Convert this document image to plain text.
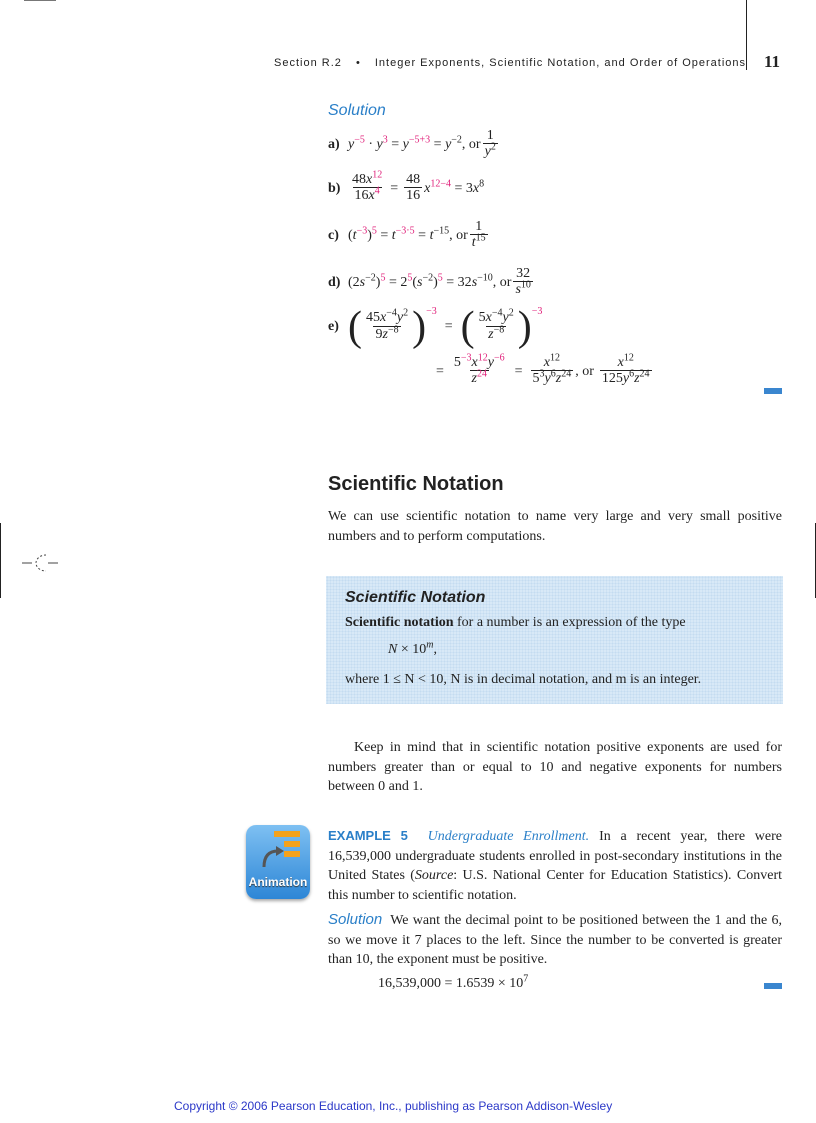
Section R.2 • Integer Exponents, Scientific Notation, and Order of Operations 11
Solution
a) $y^{-5} \cdot y^3 = y^{-5+3} = y^{-2}$, or $\frac{1}{y^2}$
$b) \frac{48x^{12}}{16x^4} = \frac{48}{16} x^{12-4} = 3x^8$
c) $(t^{-3})^5 = t^{-3\cdot 5} = t^{-15}$, or $\frac{1}{t^{15}}$
d) $(2s^{-2})^5 = 2^5(s^{-2})^5 = 32s^{-10}$, or $\frac{32}{s^{10}}$
e) ( $\frac{45x^{-4}y^2}{9z^{-8}}$ ) −3
= ( $\frac{5x^{-4}y^2}{z^{-8}}$ ) −3
= $\frac{5^{-3}x^{12}y^{-6}}{z^{24}} = \frac{x^{12}}{5^3y^6z^{24}}$ , or $\frac{x^{12}}{125y^6z^{24}}$
Scientific Notation
We can use scientific notation to name very large and very small positive numbers and to perform computations.
Scientific Notation
Scientific notation for a number is an expression of the type
$N \times 10^m$,
where 1 ≤ N < 10, N is in decimal notation, and m is an integer.
Keep in mind that in scientific notation positive exponents are used for numbers greater than or equal to 10 and negative exponents for numbers between 0 and 1.
Animation
EXAMPLE 5 Undergraduate Enrollment. In a recent year, there were 16,539,000 undergraduate students enrolled in post-secondary institutions in the United States (Source: U.S. National Center for Education Statistics). Convert this number to scientific notation.
Solution We want the decimal point to be positioned between the 1 and the 6, so we move it 7 places to the left. Since the number to be converted is greater than 10, the exponent must be positive.
$16,539,000 = 1.6539 \times 10^7$
Copyright © 2006 Pearson Education, Inc., publishing as Pearson Addison-Wesley
